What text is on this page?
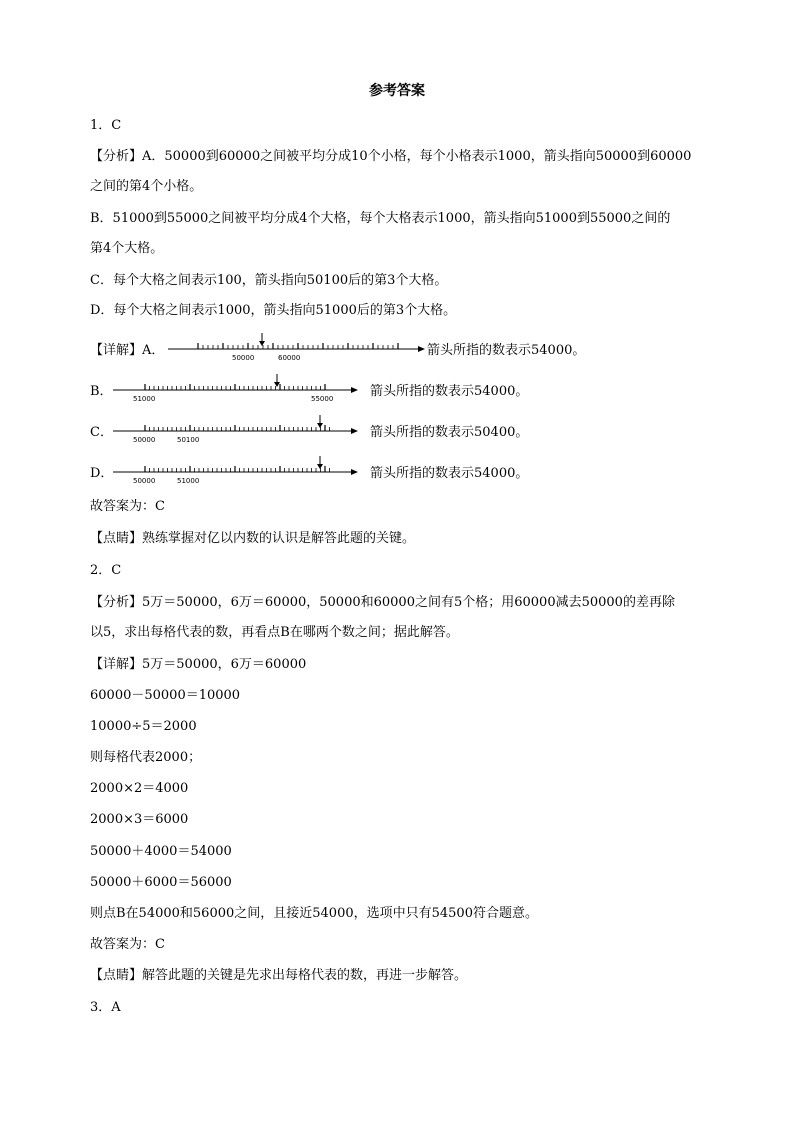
参考答案
1．C
【分析】A．50000到60000之间被平均分成10个小格，每个小格表示1000，箭头指向50000到60000
之间的第4个小格。
B．51000到55000之间被平均分成4个大格，每个大格表示1000，箭头指向51000到55000之间的
第4个大格。
C．每个大格之间表示100，箭头指向50100后的第3个大格。
D．每个大格之间表示1000，箭头指向51000后的第3个大格。
【详解】A．	50000	60000	箭头所指的数表示54000。
B．	51000	55000	箭头所指的数表示54000。
C．	50000	50100	箭头所指的数表示50400。
D．	50000	51000	箭头所指的数表示54000。
故答案为：C
【点睛】熟练掌握对亿以内数的认识是解答此题的关键。
2．C
【分析】5万＝50000，6万＝60000，50000和60000之间有5个格；用60000减去50000的差再除
以5，求出每格代表的数，再看点B在哪两个数之间；据此解答。
【详解】5万＝50000，6万＝60000
60000－50000＝10000
10000÷5＝2000
则每格代表2000；
2000×2＝4000
2000×3＝6000
50000＋4000＝54000
50000＋6000＝56000
则点B在54000和56000之间，且接近54000，选项中只有54500符合题意。
故答案为：C
【点睛】解答此题的关键是先求出每格代表的数，再进一步解答。
3．A
